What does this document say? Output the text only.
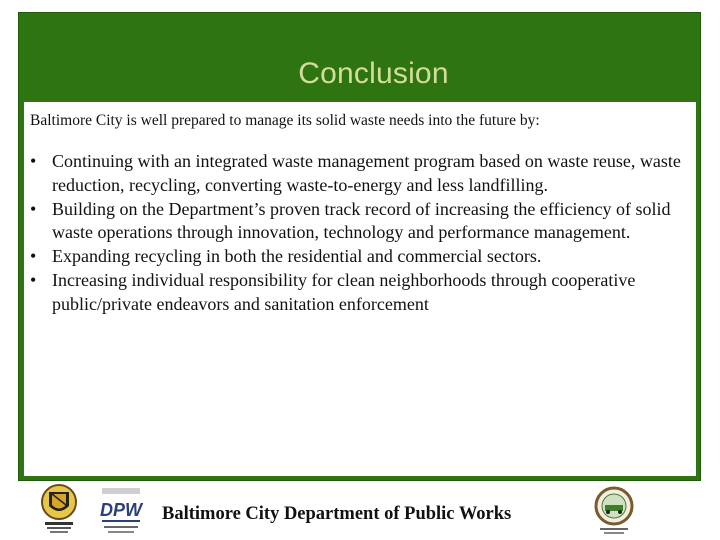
Conclusion
Baltimore City is well prepared to manage its solid waste needs into the future by:
• Continuing with an integrated waste management program based on waste reuse, waste reduction, recycling, converting waste-to-energy and less landfilling.
• Building on the Department’s proven track record of increasing the efficiency of solid waste operations through innovation, technology and performance management.
• Expanding recycling in both the residential and commercial sectors.
• Increasing individual responsibility for clean neighborhoods through cooperative public/private endeavors and sanitation enforcement
DPW Baltimore City Department of Public Works
